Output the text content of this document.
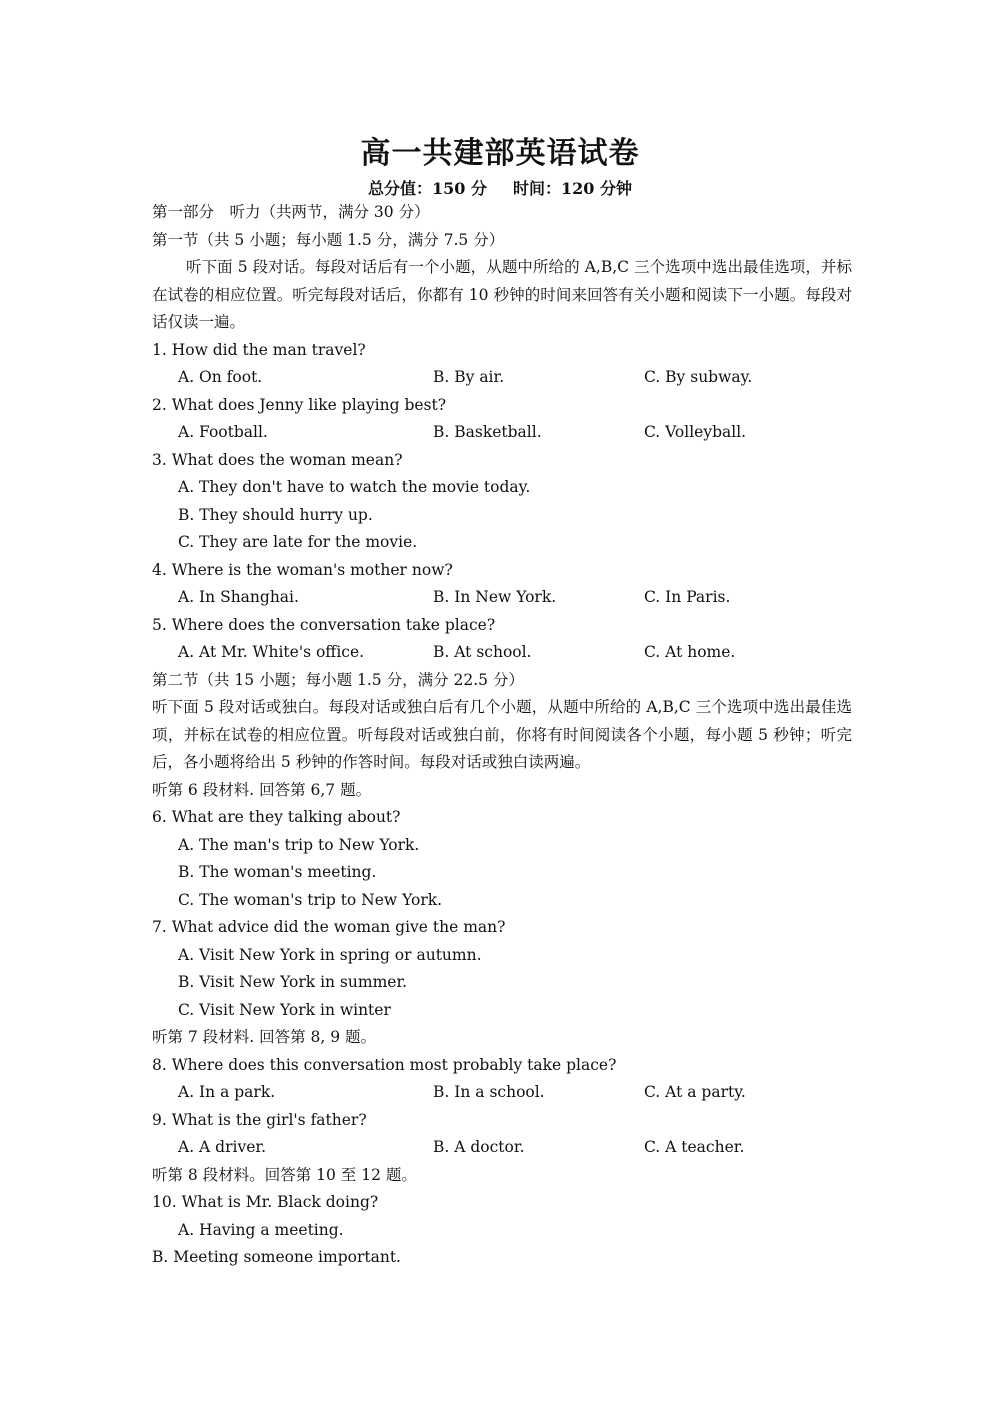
高一共建部英语试卷
总分值：150 分 时间：120 分钟
第一部分　听力（共两节，满分 30 分）
第一节（共 5 小题；每小题 1.5 分，满分 7.5 分）
听下面 5 段对话。每段对话后有一个小题，从题中所给的 A,B,C 三个选项中选出最佳选项，并标在试卷的相应位置。听完每段对话后，你都有 10 秒钟的时间来回答有关小题和阅读下一小题。每段对话仅读一遍。
1. How did the man travel?
A. On foot.	B. By air.	C. By subway.
2. What does Jenny like playing best?
A. Football.	B. Basketball.	C. Volleyball.
3. What does the woman mean?
A. They don't have to watch the movie today.
B. They should hurry up.
C. They are late for the movie.
4. Where is the woman's mother now?
A. In Shanghai.	B. In New York.	C. In Paris.
5. Where does the conversation take place?
A. At Mr. White's office.	B. At school.	C. At home.
第二节（共 15 小题；每小题 1.5 分，满分 22.5 分）
听下面 5 段对话或独白。每段对话或独白后有几个小题，从题中所给的 A,B,C 三个选项中选出最佳选项，并标在试卷的相应位置。听每段对话或独白前，你将有时间阅读各个小题，每小题 5 秒钟；听完后，各小题将给出 5 秒钟的作答时间。每段对话或独白读两遍。
听第 6 段材料. 回答第 6,7 题。
6. What are they talking about?
A. The man's trip to New York.
B. The woman's meeting.
C. The woman's trip to New York.
7. What advice did the woman give the man?
A. Visit New York in spring or autumn.
B. Visit New York in summer.
C. Visit New York in winter
听第 7 段材料. 回答第 8, 9 题。
8. Where does this conversation most probably take place?
A. In a park.	B. In a school.	C. At a party.
9. What is the girl's father?
A. A driver.	B. A doctor.	C. A teacher.
听第 8 段材料。回答第 10 至 12 题。
10. What is Mr. Black doing?
A. Having a meeting.
B. Meeting someone important.
